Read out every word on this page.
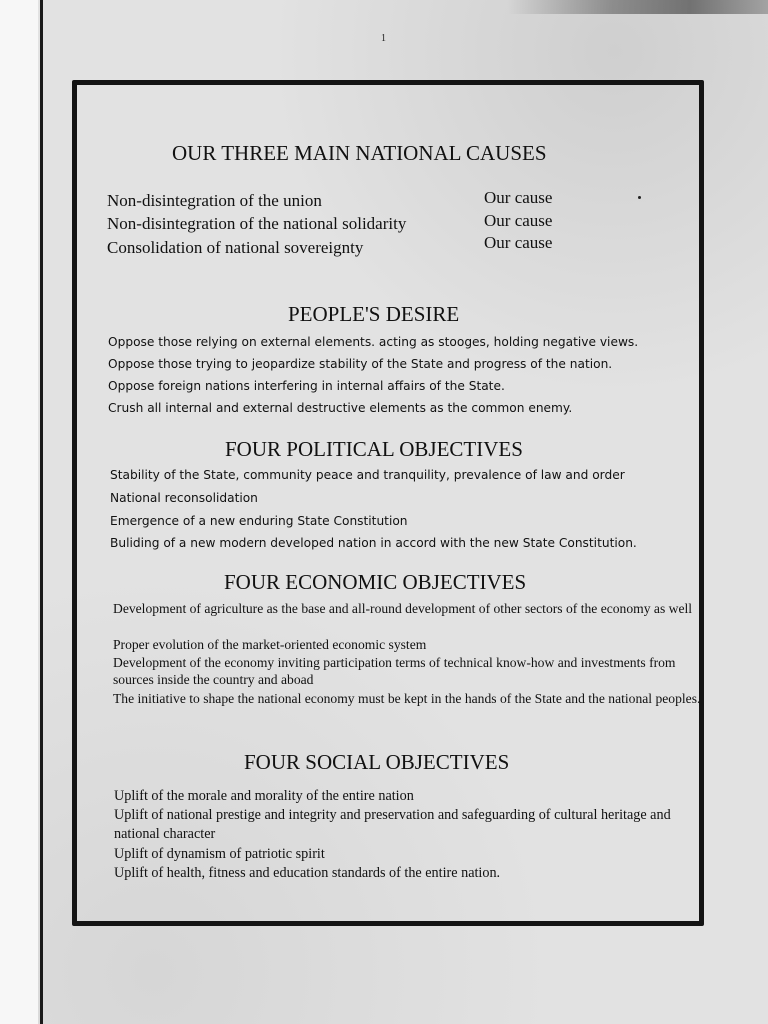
1
OUR THREE MAIN NATIONAL CAUSES
Non-disintegration of the union
Non-disintegration of the national solidarity
Consolidation of national sovereignty
Our cause
Our cause
Our cause
PEOPLE'S DESIRE
Oppose those relying on external elements. acting as stooges, holding negative views.
Oppose those trying to jeopardize stability of the State and progress of the nation.
Oppose foreign nations interfering in internal affairs of the State.
Crush all internal and external destructive elements as the common enemy.
FOUR POLITICAL OBJECTIVES
Stability of the State, community peace and tranquility, prevalence of law and order
National reconsolidation
Emergence of a new enduring State Constitution
Buliding of a new modern developed nation in accord with the new State Constitution.
FOUR ECONOMIC OBJECTIVES
Development of agriculture as the base and all-round development of other sectors of the economy as well
Proper evolution of the market-oriented economic system
Development of the economy inviting participation terms of technical know-how and investments from sources inside the country and aboad
The initiative to shape the national economy must be kept in the hands of the State and the national peoples.
FOUR SOCIAL OBJECTIVES
Uplift of the morale and morality of the entire nation
Uplift of national prestige and integrity and preservation and safeguarding of cultural heritage and national character
Uplift of dynamism of patriotic spirit
Uplift of health, fitness and education standards of the entire nation.
